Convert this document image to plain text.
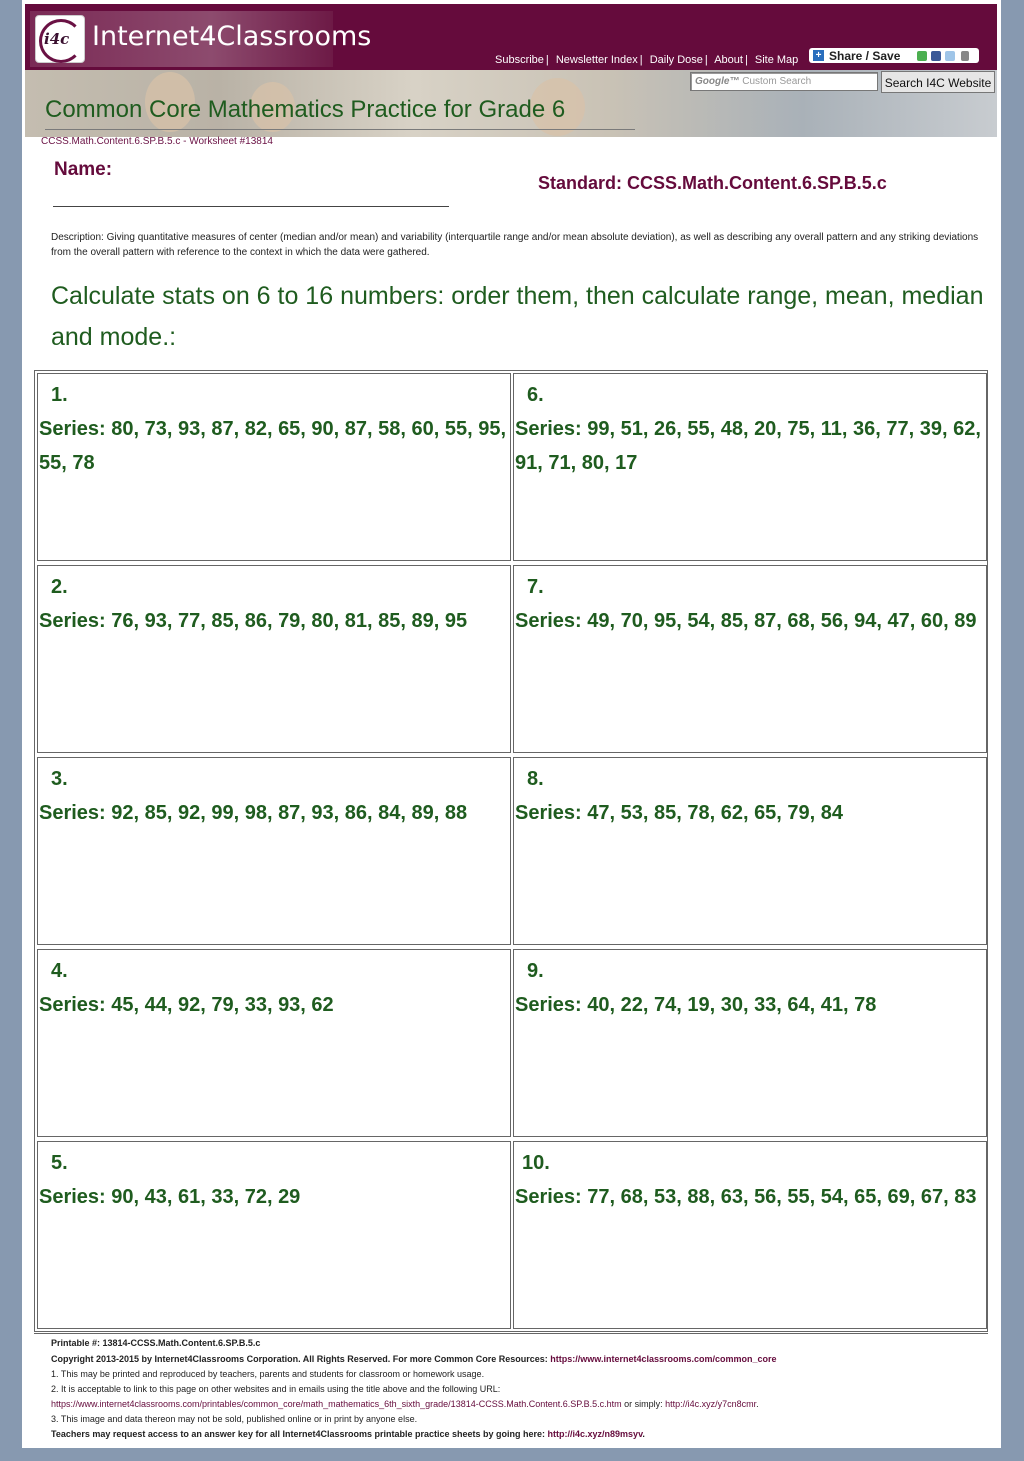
i4c Internet4Classrooms
Subscribe | Newsletter Index | Daily Dose | About | Site Map	+ Share / Save
Google™ Custom Search	Search I4C Website
Common Core Mathematics Practice for Grade 6
CCSS.Math.Content.6.SP.B.5.c - Worksheet #13814
Name:
Standard: CCSS.Math.Content.6.SP.B.5.c
Description: Giving quantitative measures of center (median and/or mean) and variability (interquartile range and/or mean absolute deviation), as well as describing any overall pattern and any striking deviations from the overall pattern with reference to the context in which the data were gathered.
Calculate stats on 6 to 16 numbers: order them, then calculate range, mean, median and mode.:
1.
Series: 80, 73, 93, 87, 82, 65, 90, 87, 58, 60, 55, 95, 55, 78
6.
Series: 99, 51, 26, 55, 48, 20, 75, 11, 36, 77, 39, 62, 91, 71, 80, 17
2.
Series: 76, 93, 77, 85, 86, 79, 80, 81, 85, 89, 95
7.
Series: 49, 70, 95, 54, 85, 87, 68, 56, 94, 47, 60, 89
3.
Series: 92, 85, 92, 99, 98, 87, 93, 86, 84, 89, 88
8.
Series: 47, 53, 85, 78, 62, 65, 79, 84
4.
Series: 45, 44, 92, 79, 33, 93, 62
9.
Series: 40, 22, 74, 19, 30, 33, 64, 41, 78
5.
Series: 90, 43, 61, 33, 72, 29
10.
Series: 77, 68, 53, 88, 63, 56, 55, 54, 65, 69, 67, 83
Printable #: 13814-CCSS.Math.Content.6.SP.B.5.c
Copyright 2013-2015 by Internet4Classrooms Corporation. All Rights Reserved. For more Common Core Resources: https://www.internet4classrooms.com/common_core
1. This may be printed and reproduced by teachers, parents and students for classroom or homework usage.
2. It is acceptable to link to this page on other websites and in emails using the title above and the following URL:
https://www.internet4classrooms.com/printables/common_core/math_mathematics_6th_sixth_grade/13814-CCSS.Math.Content.6.SP.B.5.c.htm or simply: http://i4c.xyz/y7cn8cmr.
3. This image and data thereon may not be sold, published online or in print by anyone else.
Teachers may request access to an answer key for all Internet4Classrooms printable practice sheets by going here: http://i4c.xyz/n89msyv.
